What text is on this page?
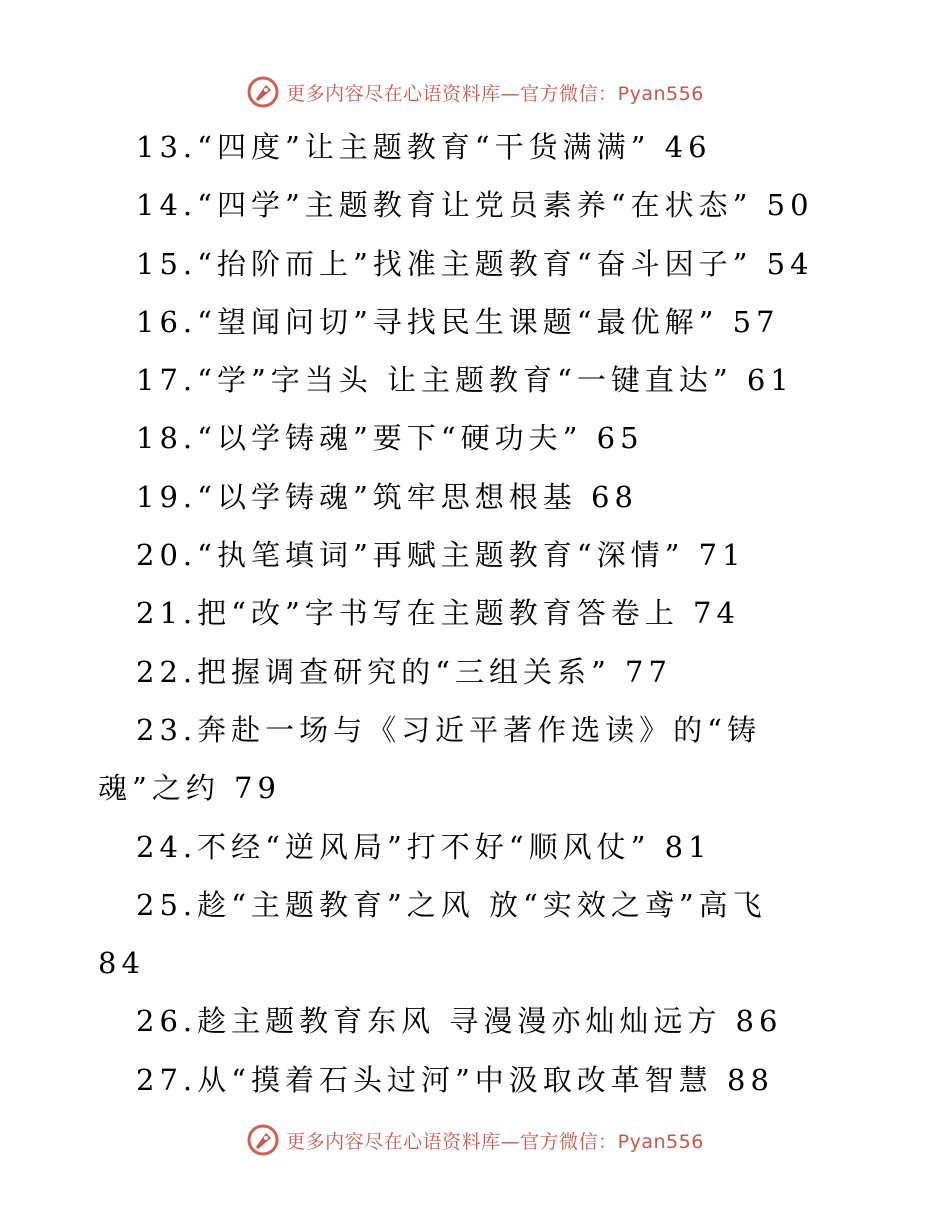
更多内容尽在心语资料库—官方微信：Pyan556
13.“四度”让主题教育“干货满满” 46
14.“四学”主题教育让党员素养“在状态” 50
15.“抬阶而上”找准主题教育“奋斗因子” 54
16.“望闻问切”寻找民生课题“最优解” 57
17.“学”字当头 让主题教育“一键直达” 61
18.“以学铸魂”要下“硬功夫” 65
19.“以学铸魂”筑牢思想根基 68
20.“执笔填词”再赋主题教育“深情” 71
21.把“改”字书写在主题教育答卷上 74
22.把握调查研究的“三组关系” 77
23.奔赴一场与《习近平著作选读》的“铸
魂”之约 79
24.不经“逆风局”打不好“顺风仗” 81
25.趁“主题教育”之风 放“实效之鸢”高飞
84
26.趁主题教育东风 寻漫漫亦灿灿远方 86
27.从“摸着石头过河”中汲取改革智慧 88
更多内容尽在心语资料库—官方微信：Pyan556
